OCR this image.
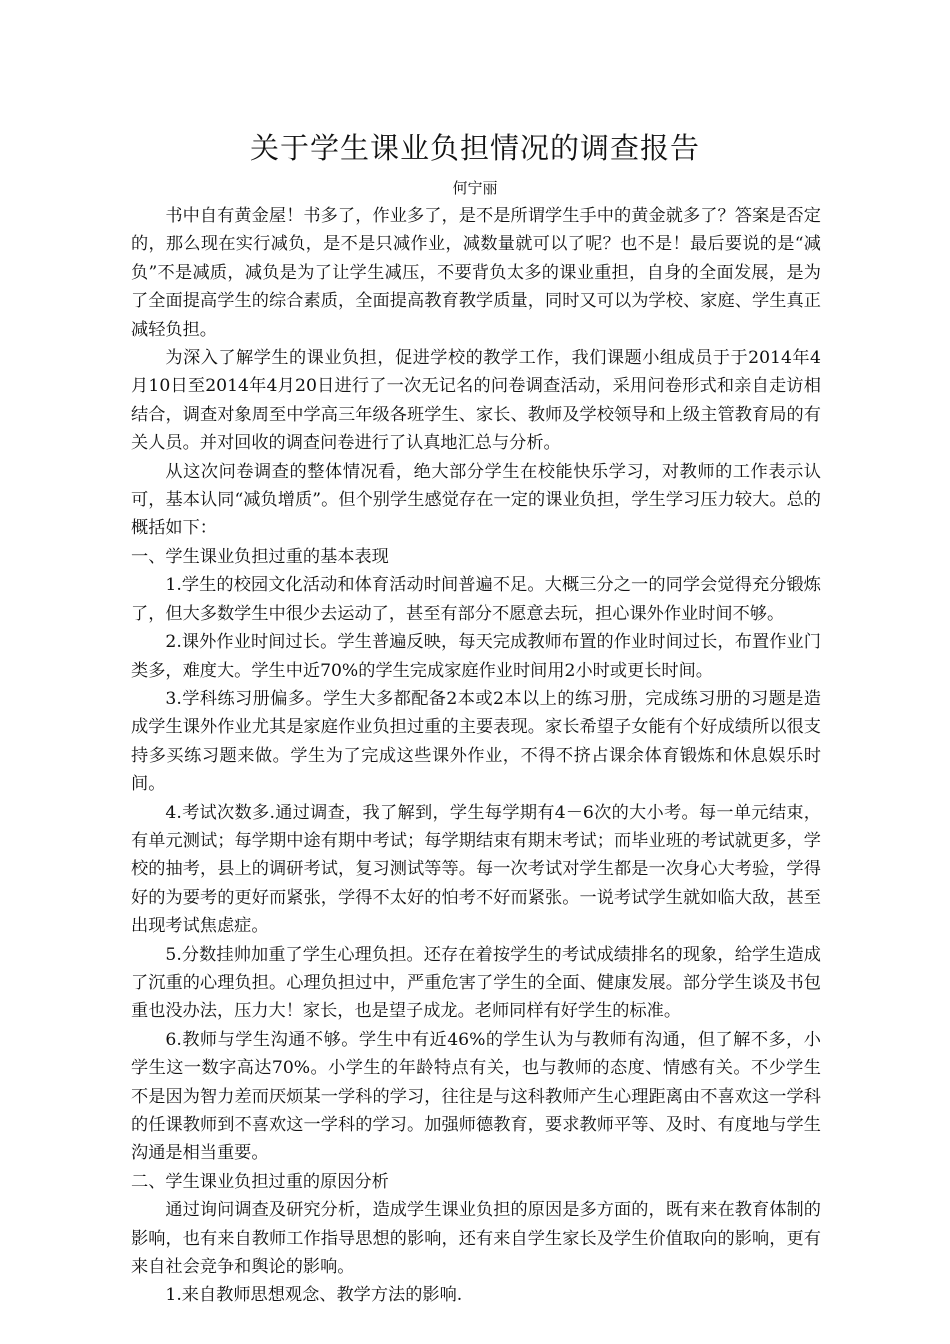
关于学生课业负担情况的调查报告
何宁丽

书中自有黄金屋！书多了，作业多了，是不是所谓学生手中的黄金就多了？答案是否定的，那么现在实行减负，是不是只减作业，减数量就可以了呢？也不是！最后要说的是“减负”不是减质，减负是为了让学生减压，不要背负太多的课业重担，自身的全面发展，是为了全面提高学生的综合素质，全面提高教育教学质量，同时又可以为学校、家庭、学生真正减轻负担。

为深入了解学生的课业负担，促进学校的教学工作，我们课题小组成员于于2014年4月10日至2014年4月20日进行了一次无记名的问卷调查活动，采用问卷形式和亲自走访相结合，调查对象周至中学高三年级各班学生、家长、教师及学校领导和上级主管教育局的有关人员。并对回收的调查问卷进行了认真地汇总与分析。

从这次问卷调查的整体情况看，绝大部分学生在校能快乐学习，对教师的工作表示认可，基本认同“减负增质”。但个别学生感觉存在一定的课业负担，学生学习压力较大。总的概括如下：

一、学生课业负担过重的基本表现

1.学生的校园文化活动和体育活动时间普遍不足。大概三分之一的同学会觉得充分锻炼了，但大多数学生中很少去运动了，甚至有部分不愿意去玩，担心课外作业时间不够。

2.课外作业时间过长。学生普遍反映，每天完成教师布置的作业时间过长，布置作业门类多，难度大。学生中近70%的学生完成家庭作业时间用2小时或更长时间。

3.学科练习册偏多。学生大多都配备2本或2本以上的练习册，完成练习册的习题是造成学生课外作业尤其是家庭作业负担过重的主要表现。家长希望子女能有个好成绩所以很支持多买练习题来做。学生为了完成这些课外作业，不得不挤占课余体育锻炼和休息娱乐时间。

4.考试次数多.通过调查，我了解到，学生每学期有4－6次的大小考。每一单元结束，有单元测试；每学期中途有期中考试；每学期结束有期末考试；而毕业班的考试就更多，学校的抽考，县上的调研考试，复习测试等等。每一次考试对学生都是一次身心大考验，学得好的为要考的更好而紧张，学得不太好的怕考不好而紧张。一说考试学生就如临大敌，甚至出现考试焦虑症。

5.分数挂帅加重了学生心理负担。还存在着按学生的考试成绩排名的现象，给学生造成了沉重的心理负担。心理负担过中，严重危害了学生的全面、健康发展。部分学生谈及书包重也没办法，压力大！家长，也是望子成龙。老师同样有好学生的标准。

6.教师与学生沟通不够。学生中有近46%的学生认为与教师有沟通，但了解不多，小学生这一数字高达70%。小学生的年龄特点有关，也与教师的态度、情感有关。不少学生不是因为智力差而厌烦某一学科的学习，往往是与这科教师产生心理距离由不喜欢这一学科的任课教师到不喜欢这一学科的学习。加强师德教育，要求教师平等、及时、有度地与学生沟通是相当重要。

二、学生课业负担过重的原因分析

通过询问调查及研究分析，造成学生课业负担的原因是多方面的，既有来在教育体制的影响，也有来自教师工作指导思想的影响，还有来自学生家长及学生价值取向的影响，更有来自社会竞争和舆论的影响。

1.来自教师思想观念、教学方法的影响.
